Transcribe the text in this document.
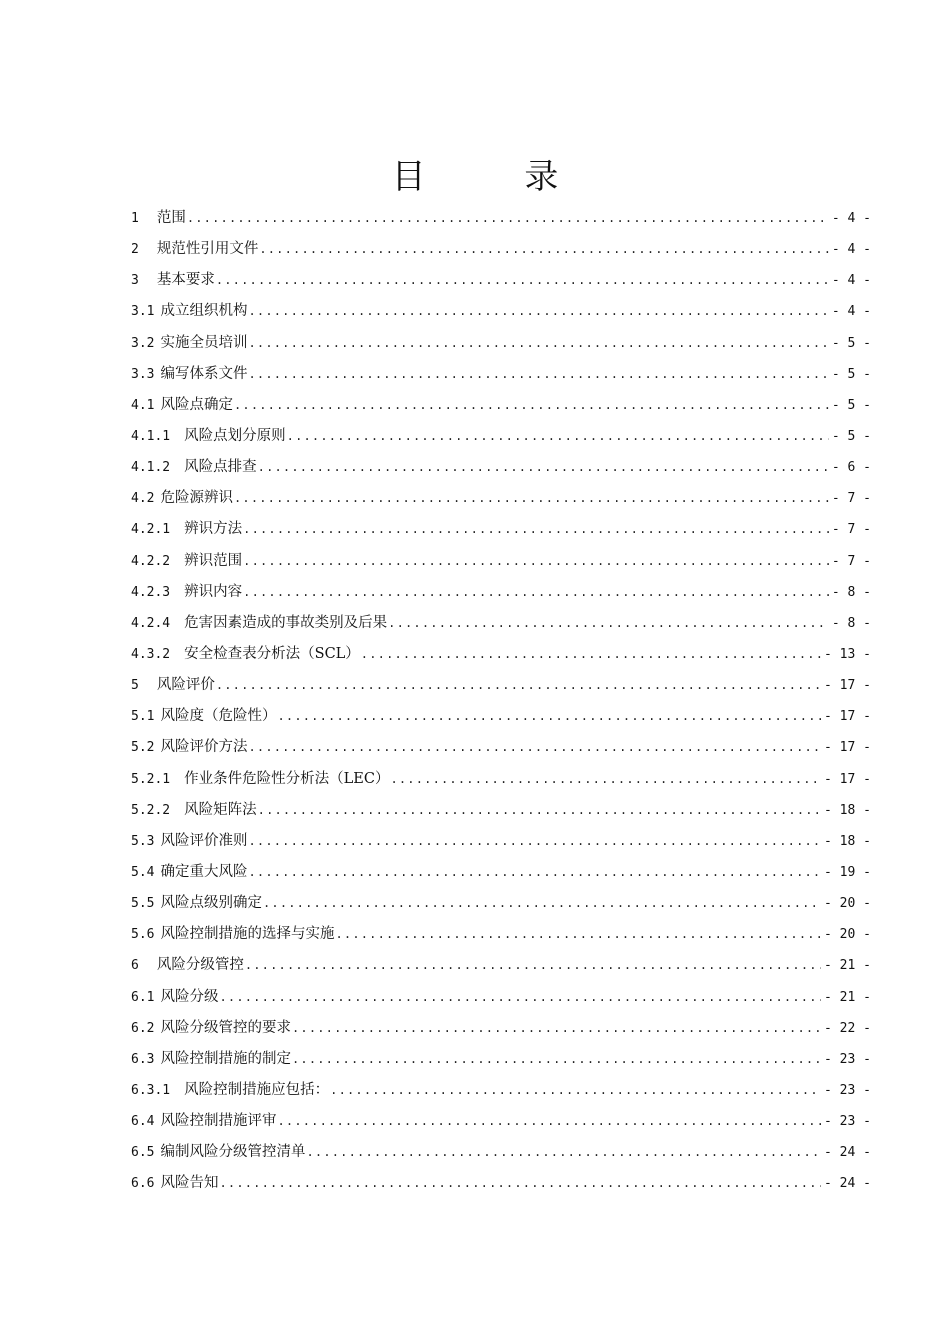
目 录
1 范围 .....	- 4 -
2 规范性引用文件 .....	- 4 -
3 基本要求 .....	- 4 -
3.1 成立组织机构 .....	- 4 -
3.2 实施全员培训 .....	- 5 -
3.3 编写体系文件 .....	- 5 -
4.1 风险点确定 .....	- 5 -
4.1.1 风险点划分原则 .....	- 5 -
4.1.2 风险点排查 .....	- 6 -
4.2 危险源辨识 .....	- 7 -
4.2.1 辨识方法 .....	- 7 -
4.2.2 辨识范围 .....	- 7 -
4.2.3 辨识内容 .....	- 8 -
4.2.4 危害因素造成的事故类别及后果 .....	- 8 -
4.3.2 安全检查表分析法（SCL） .....	- 13 -
5 风险评价 .....	- 17 -
5.1 风险度（危险性） .....	- 17 -
5.2 风险评价方法 .....	- 17 -
5.2.1 作业条件危险性分析法（LEC） .....	- 17 -
5.2.2 风险矩阵法 .....	- 18 -
5.3 风险评价准则 .....	- 18 -
5.4 确定重大风险 .....	- 19 -
5.5 风险点级别确定 .....	- 20 -
5.6 风险控制措施的选择与实施 .....	- 20 -
6 风险分级管控 .....	- 21 -
6.1 风险分级 .....	- 21 -
6.2 风险分级管控的要求 .....	- 22 -
6.3 风险控制措施的制定 .....	- 23 -
6.3.1 风险控制措施应包括： .....	- 23 -
6.4 风险控制措施评审 .....	- 23 -
6.5 编制风险分级管控清单 .....	- 24 -
6.6 风险告知 .....	- 24 -
